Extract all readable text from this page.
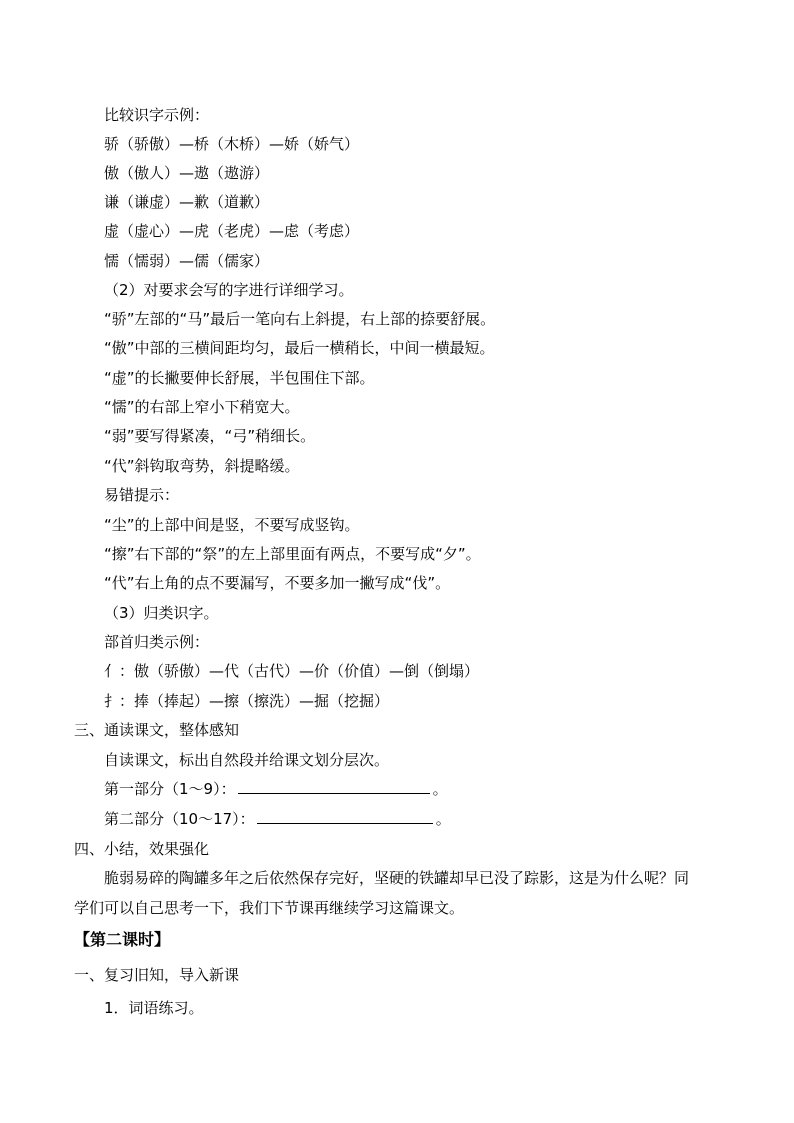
比较识字示例：
骄（骄傲）—桥（木桥）—娇（娇气）
傲（傲人）—遨（遨游）
谦（谦虚）—歉（道歉）
虚（虚心）—虎（老虎）—虑（考虑）
懦（懦弱）—儒（儒家）
（2）对要求会写的字进行详细学习。
“骄”左部的“马”最后一笔向右上斜提，右上部的捺要舒展。
“傲”中部的三横间距均匀，最后一横稍长，中间一横最短。
“虚”的长撇要伸长舒展，半包围住下部。
“懦”的右部上窄小下稍宽大。
“弱”要写得紧凑，“弓”稍细长。
“代”斜钩取弯势，斜提略缓。
易错提示：
“尘”的上部中间是竖，不要写成竖钩。
“擦”右下部的“祭”的左上部里面有两点，不要写成“夕”。
“代”右上角的点不要漏写，不要多加一撇写成“伐”。
（3）归类识字。
部首归类示例：
亻：傲（骄傲）—代（古代）—价（价值）—倒（倒塌）
扌：捧（捧起）—擦（擦洗）—掘（挖掘）
三、通读课文，整体感知
自读课文，标出自然段并给课文划分层次。
第一部分（1～9）：	。
第二部分（10～17）：	。
四、小结，效果强化
脆弱易碎的陶罐多年之后依然保存完好，坚硬的铁罐却早已没了踪影，这是为什么呢？同
学们可以自己思考一下，我们下节课再继续学习这篇课文。
【第二课时】
一、复习旧知，导入新课
1．词语练习。
